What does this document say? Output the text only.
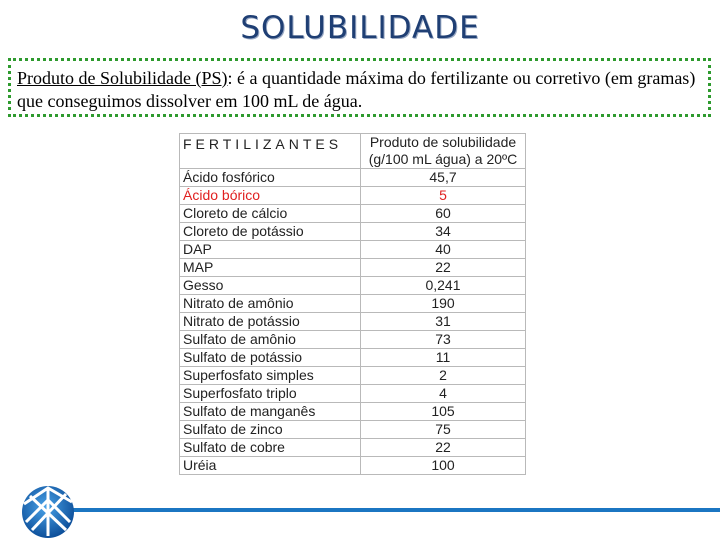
SOLUBILIDADE
Produto de Solubilidade (PS): é a quantidade máxima do fertilizante ou corretivo (em gramas) que conseguimos dissolver em 100 mL de água.
FERTILIZANTES	Produto de solubilidade
(g/100 mL água) a 20ºC
Ácido fosfórico	45,7
Ácido bórico	5
Cloreto de cálcio	60
Cloreto de potássio	34
DAP	40
MAP	22
Gesso	0,241
Nitrato de amônio	190
Nitrato de potássio	31
Sulfato de amônio	73
Sulfato de potássio	11
Superfosfato simples	2
Superfosfato triplo	4
Sulfato de manganês	105
Sulfato de zinco	75
Sulfato de cobre	22
Uréia	100
